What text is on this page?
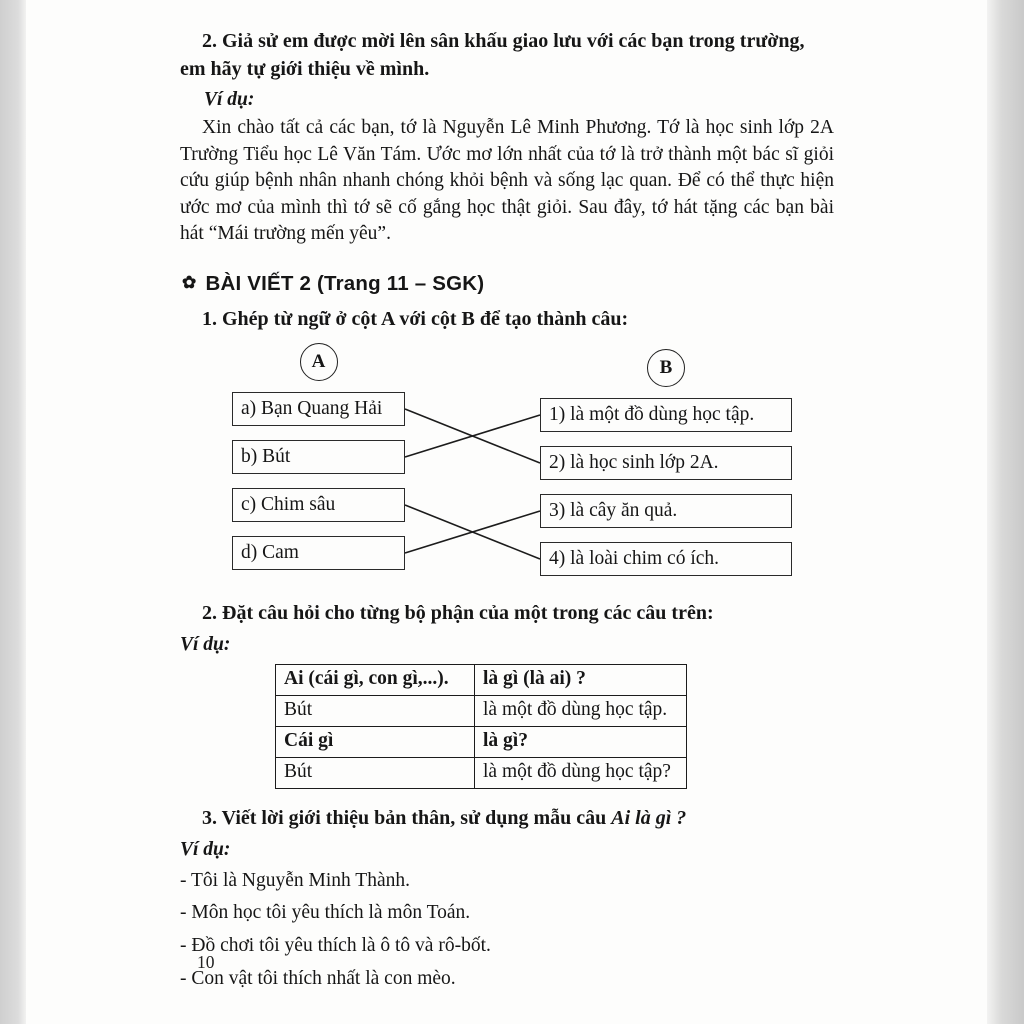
2. Giả sử em được mời lên sân khấu giao lưu với các bạn trong trường, em hãy tự giới thiệu về mình.

Ví dụ:

Xin chào tất cả các bạn, tớ là Nguyễn Lê Minh Phương. Tớ là học sinh lớp 2A Trường Tiểu học Lê Văn Tám. Ước mơ lớn nhất của tớ là trở thành một bác sĩ giỏi cứu giúp bệnh nhân nhanh chóng khỏi bệnh và sống lạc quan. Để có thể thực hiện ước mơ của mình thì tớ sẽ cố gắng học thật giỏi. Sau đây, tớ hát tặng các bạn bài hát “Mái trường mến yêu”.

✿ BÀI VIẾT 2 (Trang 11 – SGK)

1. Ghép từ ngữ ở cột A với cột B để tạo thành câu:

A
a) Bạn Quang Hải
b) Bút
c) Chim sâu
d) Cam
B
1) là một đồ dùng học tập.
2) là học sinh lớp 2A.
3) là cây ăn quả.
4) là loài chim có ích.

2. Đặt câu hỏi cho từng bộ phận của một trong các câu trên:

Ví dụ:

Ai (cái gì, con gì,...).	là gì (là ai) ?
Bút	là một đồ dùng học tập.
Cái gì	là gì?
Bút	là một đồ dùng học tập?

3. Viết lời giới thiệu bản thân, sử dụng mẫu câu Ai là gì ?

Ví dụ:

- Tôi là Nguyễn Minh Thành.

- Môn học tôi yêu thích là môn Toán.

- Đồ chơi tôi yêu thích là ô tô và rô-bốt.

- Con vật tôi thích nhất là con mèo.

10
